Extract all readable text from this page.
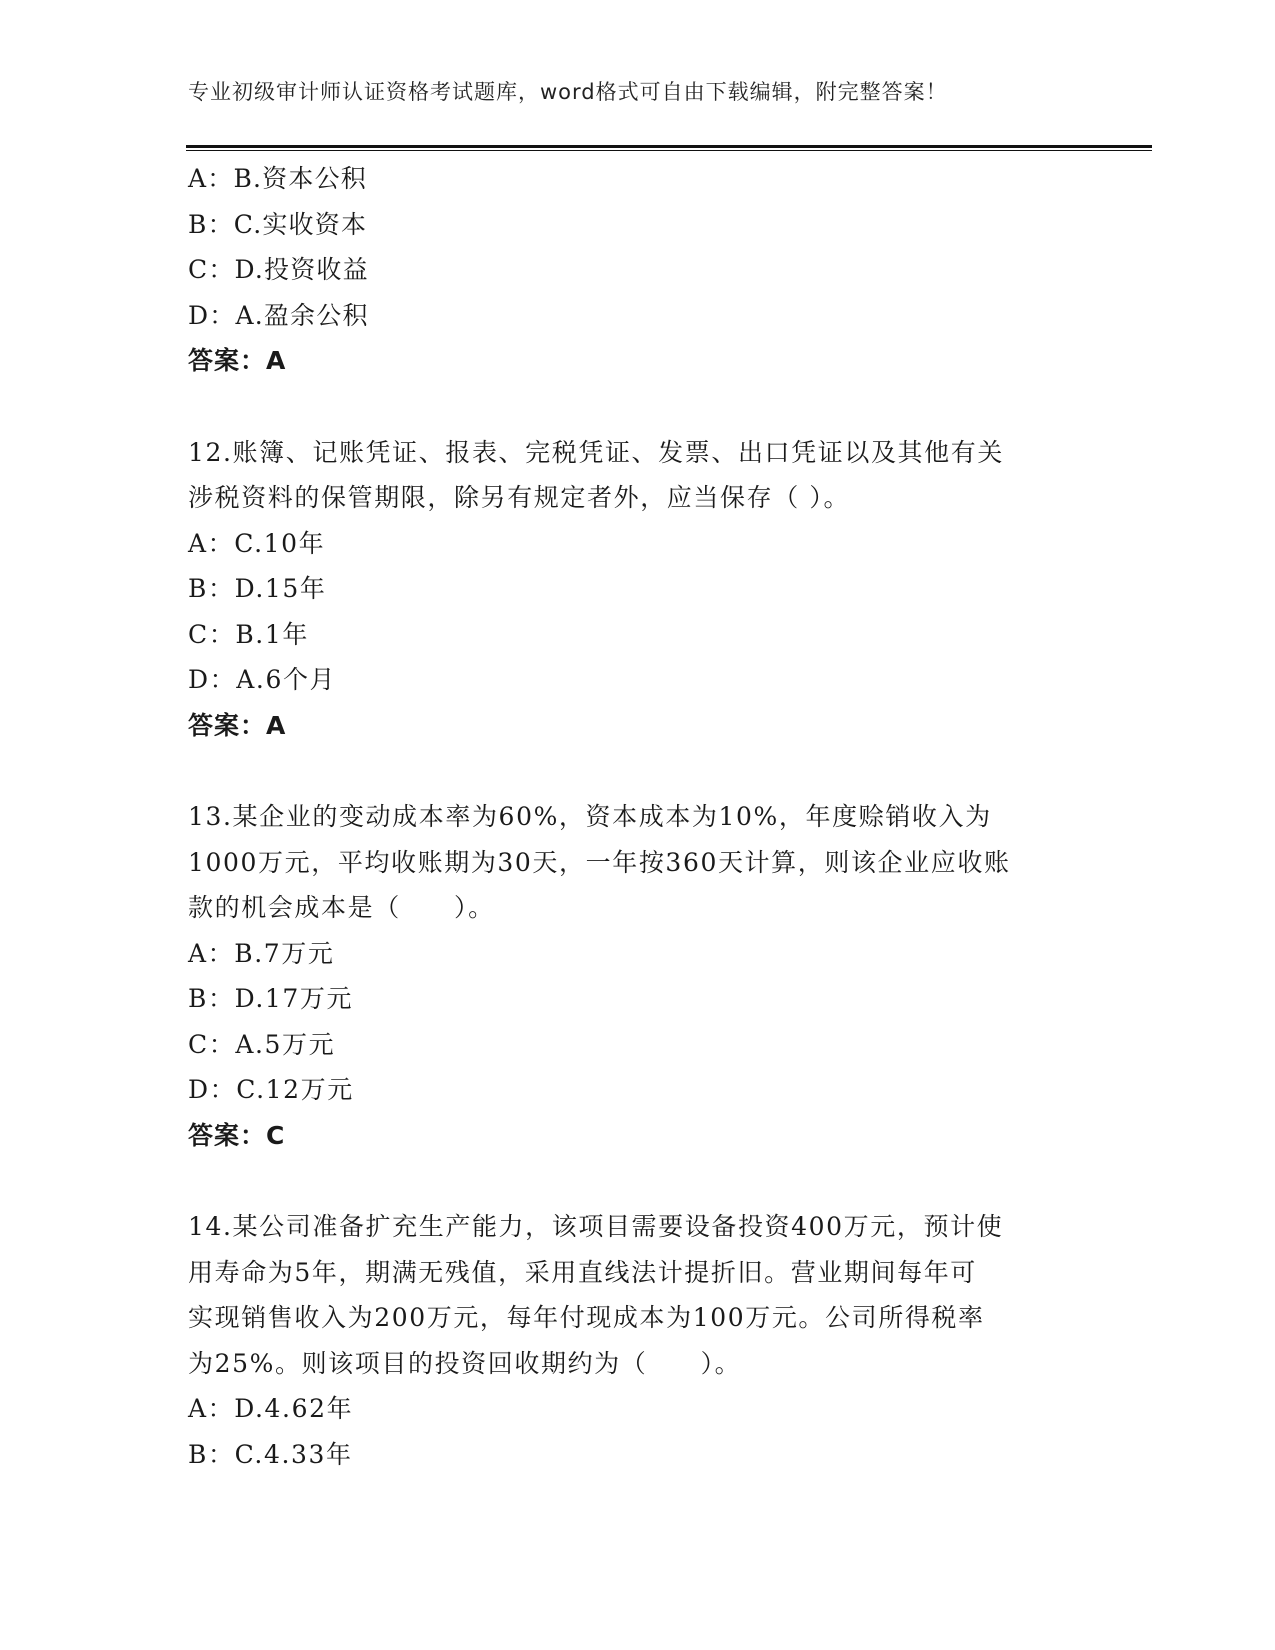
专业初级审计师认证资格考试题库，word格式可自由下载编辑，附完整答案！
A：B.资本公积
B：C.实收资本
C：D.投资收益
D：A.盈余公积
答案：A
12.账簿、记账凭证、报表、完税凭证、发票、出口凭证以及其他有关
涉税资料的保管期限，除另有规定者外，应当保存（ ）。
A：C.10年
B：D.15年
C：B.1年
D：A.6个月
答案：A
13.某企业的变动成本率为60%，资本成本为10%，年度赊销收入为
1000万元，平均收账期为30天，一年按360天计算，则该企业应收账
款的机会成本是（　　）。
A：B.7万元
B：D.17万元
C：A.5万元
D：C.12万元
答案：C
14.某公司准备扩充生产能力，该项目需要设备投资400万元，预计使
用寿命为5年，期满无残值，采用直线法计提折旧。营业期间每年可
实现销售收入为200万元，每年付现成本为100万元。公司所得税率
为25%。则该项目的投资回收期约为（　　）。
A：D.4.62年
B：C.4.33年
